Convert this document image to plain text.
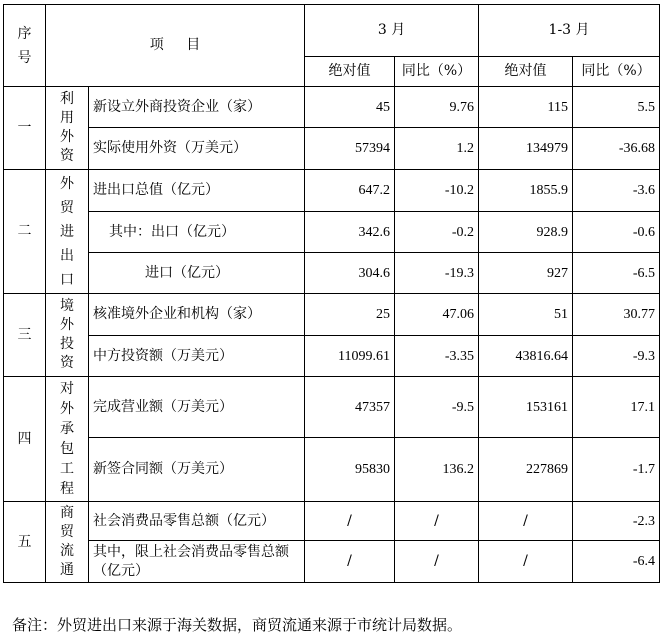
序号	项 目		3 月		1-3 月	
			绝对值	同比（%）	绝对值	同比（%）
一	利用外资	新设立外商投资企业（家）	45	9.76	115	5.5
		实际使用外资（万美元）	57394	1.2	134979	-36.68
二	外贸进出口	进出口总值（亿元）	647.2	-10.2	1855.9	-3.6
		其中：出口（亿元）	342.6	-0.2	928.9	-0.6
		进口（亿元）	304.6	-19.3	927	-6.5
三	境外投资	核准境外企业和机构（家）	25	47.06	51	30.77
		中方投资额（万美元）	11099.61	-3.35	43816.64	-9.3
四	对外承包工程	完成营业额（万美元）	47357	-9.5	153161	17.1
		新签合同额（万美元）	95830	136.2	227869	-1.7
五	商贸流通	社会消费品零售总额（亿元）	/	/	/	-2.3
		其中，限上社会消费品零售总额（亿元）	/	/	/	-6.4

备注：外贸进出口来源于海关数据，商贸流通来源于市统计局数据。
